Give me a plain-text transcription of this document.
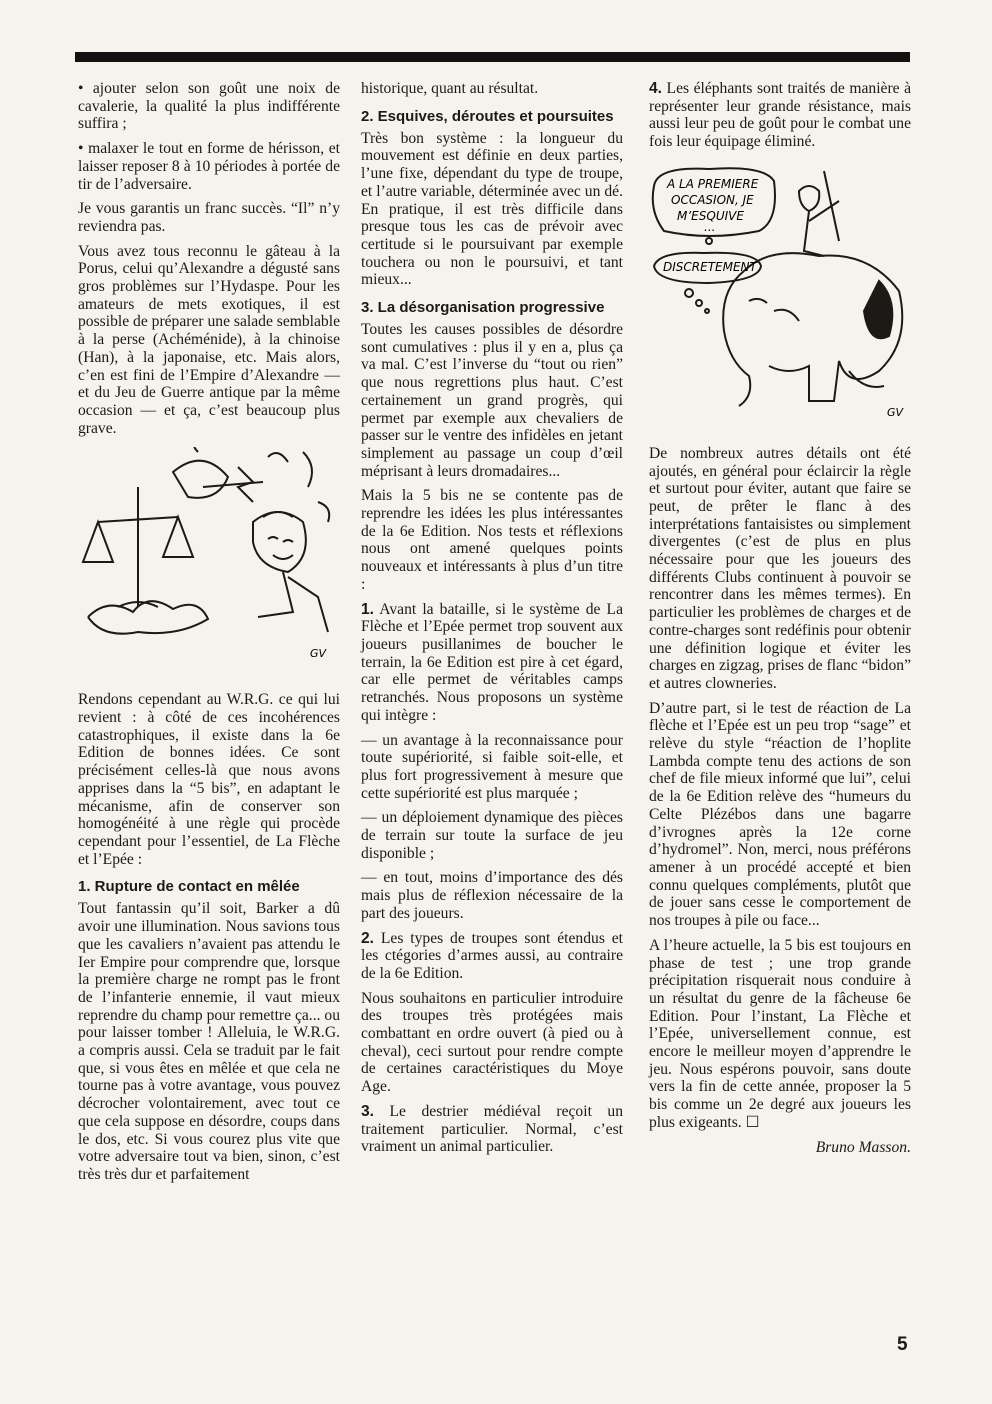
• ajouter selon son goût une noix de cavalerie, la qualité la plus indifférente suffira ;

• malaxer le tout en forme de hérisson, et laisser reposer 8 à 10 périodes à portée de tir de l’adversaire.

Je vous garantis un franc succès. “Il” n’y reviendra pas.

Vous avez tous reconnu le gâteau à la Porus, celui qu’Alexandre a dégusté sans gros problèmes sur l’Hydaspe. Pour les amateurs de mets exotiques, il est possible de préparer une salade semblable à la perse (Achéménide), à la chinoise (Han), à la japonaise, etc. Mais alors, c’en est fini de l’Empire d’Alexandre — et du Jeu de Guerre antique par la même occasion — et ça, c’est beaucoup plus grave.

GV

Rendons cependant au W.R.G. ce qui lui revient : à côté de ces incohérences catastrophiques, il existe dans la 6e Edition de bonnes idées. Ce sont précisément celles-là que nous avons apprises dans la “5 bis”, en adaptant le mécanisme, afin de conserver son homogénéité à une règle qui procède cependant pour l’essentiel, de La Flèche et l’Epée :

1. Rupture de contact en mêlée

Tout fantassin qu’il soit, Barker a dû avoir une illumination. Nous savions tous que les cavaliers n’avaient pas attendu le Ier Empire pour comprendre que, lorsque la première charge ne rompt pas le front de l’infanterie ennemie, il vaut mieux reprendre du champ pour remettre ça... ou pour laisser tomber ! Alleluia, le W.R.G. a compris aussi. Cela se traduit par le fait que, si vous êtes en mêlée et que cela ne tourne pas à votre avantage, vous pouvez décrocher volontairement, avec tout ce que cela suppose en désordre, coups dans le dos, etc. Si vous courez plus vite que votre adversaire tout va bien, sinon, c’est très très dur et parfaitement

historique, quant au résultat.

2. Esquives, déroutes et poursuites

Très bon système : la longueur du mouvement est définie en deux parties, l’une fixe, dépendant du type de troupe, et l’autre variable, déterminée avec un dé. En pratique, il est très difficile dans presque tous les cas de prévoir avec certitude si le poursuivant par exemple touchera ou non le poursuivi, et tant mieux...

3. La désorganisation progressive

Toutes les causes possibles de désordre sont cumulatives : plus il y en a, plus ça va mal. C’est l’inverse du “tout ou rien” que nous regrettions plus haut. C’est certainement un grand progrès, qui permet par exemple aux chevaliers de passer sur le ventre des infidèles en jetant simplement au passage un coup d’œil méprisant à leurs dromadaires...

Mais la 5 bis ne se contente pas de reprendre les idées les plus intéressantes de la 6e Edition. Nos tests et réflexions nous ont amené quelques points nouveaux et intéressants à plus d’un titre :

1. Avant la bataille, si le système de La Flèche et l’Epée permet trop souvent aux joueurs pusillanimes de boucher le terrain, la 6e Edition est pire à cet égard, car elle permet de véritables camps retranchés. Nous proposons un système qui intègre :

— un avantage à la reconnaissance pour toute supériorité, si faible soit-elle, et plus fort progressivement à mesure que cette supériorité est plus marquée ;

— un déploiement dynamique des pièces de terrain sur toute la surface de jeu disponible ;

— en tout, moins d’importance des dés mais plus de réflexion nécessaire de la part des joueurs.

2. Les types de troupes sont étendus et les ctégories d’armes aussi, au contraire de la 6e Edition.

Nous souhaitons en particulier introduire des troupes très protégées mais combattant en ordre ouvert (à pied ou à cheval), ceci surtout pour rendre compte de certaines caractéristiques du Moye Age.

3. Le destrier médiéval reçoit un traitement particulier. Normal, c’est vraiment un animal particulier.

4. Les éléphants sont traités de manière à représenter leur grande résistance, mais aussi leur peu de goût pour le combat une fois leur équipage éliminé.

A LA PREMIERE
OCCASION, JE
M’ESQUIVE
...
DISCRETEMENT
GV

De nombreux autres détails ont été ajoutés, en général pour éclaircir la règle et surtout pour éviter, autant que faire se peut, de prêter le flanc à des interprétations fantaisistes ou simplement divergentes (c’est de plus en plus nécessaire pour que les joueurs des différents Clubs continuent à pouvoir se rencontrer dans les mêmes termes). En particulier les problèmes de charges et de contre-charges sont redéfinis pour obtenir une définition logique et éviter les charges en zigzag, prises de flanc “bidon” et autres clowneries.

D’autre part, si le test de réaction de La flèche et l’Epée est un peu trop “sage” et relève du style “réaction de l’hoplite Lambda compte tenu des actions de son chef de file mieux informé que lui”, celui de la 6e Edition relève des “humeurs du Celte Plézébos dans une bagarre d’ivrognes après la 12e corne d’hydromel”. Non, merci, nous préférons amener à un procédé accepté et bien connu quelques compléments, plutôt que de jouer sans cesse le comportement de nos troupes à pile ou face...

A l’heure actuelle, la 5 bis est toujours en phase de test ; une trop grande précipitation risquerait nous conduire à un résultat du genre de la fâcheuse 6e Edition. Pour l’instant, La Flèche et l’Epée, universellement connue, est encore le meilleur moyen d’apprendre le jeu. Nous espérons pouvoir, sans doute vers la fin de cette année, proposer la 5 bis comme un 2e degré aux joueurs les plus exigeants. ☐

Bruno Masson.

5
